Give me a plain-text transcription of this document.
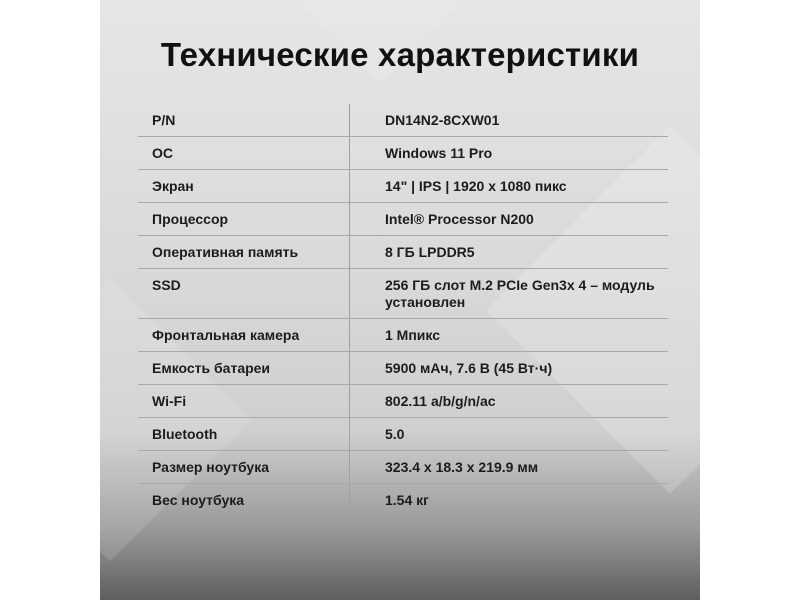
Технические характеристики
P/N	DN14N2-8CXW01
ОС	Windows 11 Pro
Экран	14" | IPS | 1920 x 1080 пикс
Процессор	Intel® Processor N200
Оперативная память	8 ГБ LPDDR5
SSD	256 ГБ слот M.2 PCIe Gen3x 4 – модуль установлен
Фронтальная камера	1 Мпикс
Емкость батареи	5900 мАч, 7.6 В (45 Вт·ч)
Wi-Fi	802.11 a/b/g/n/ac
Bluetooth	5.0
Размер ноутбука	323.4 x 18.3 x 219.9 мм
Вес ноутбука	1.54 кг
